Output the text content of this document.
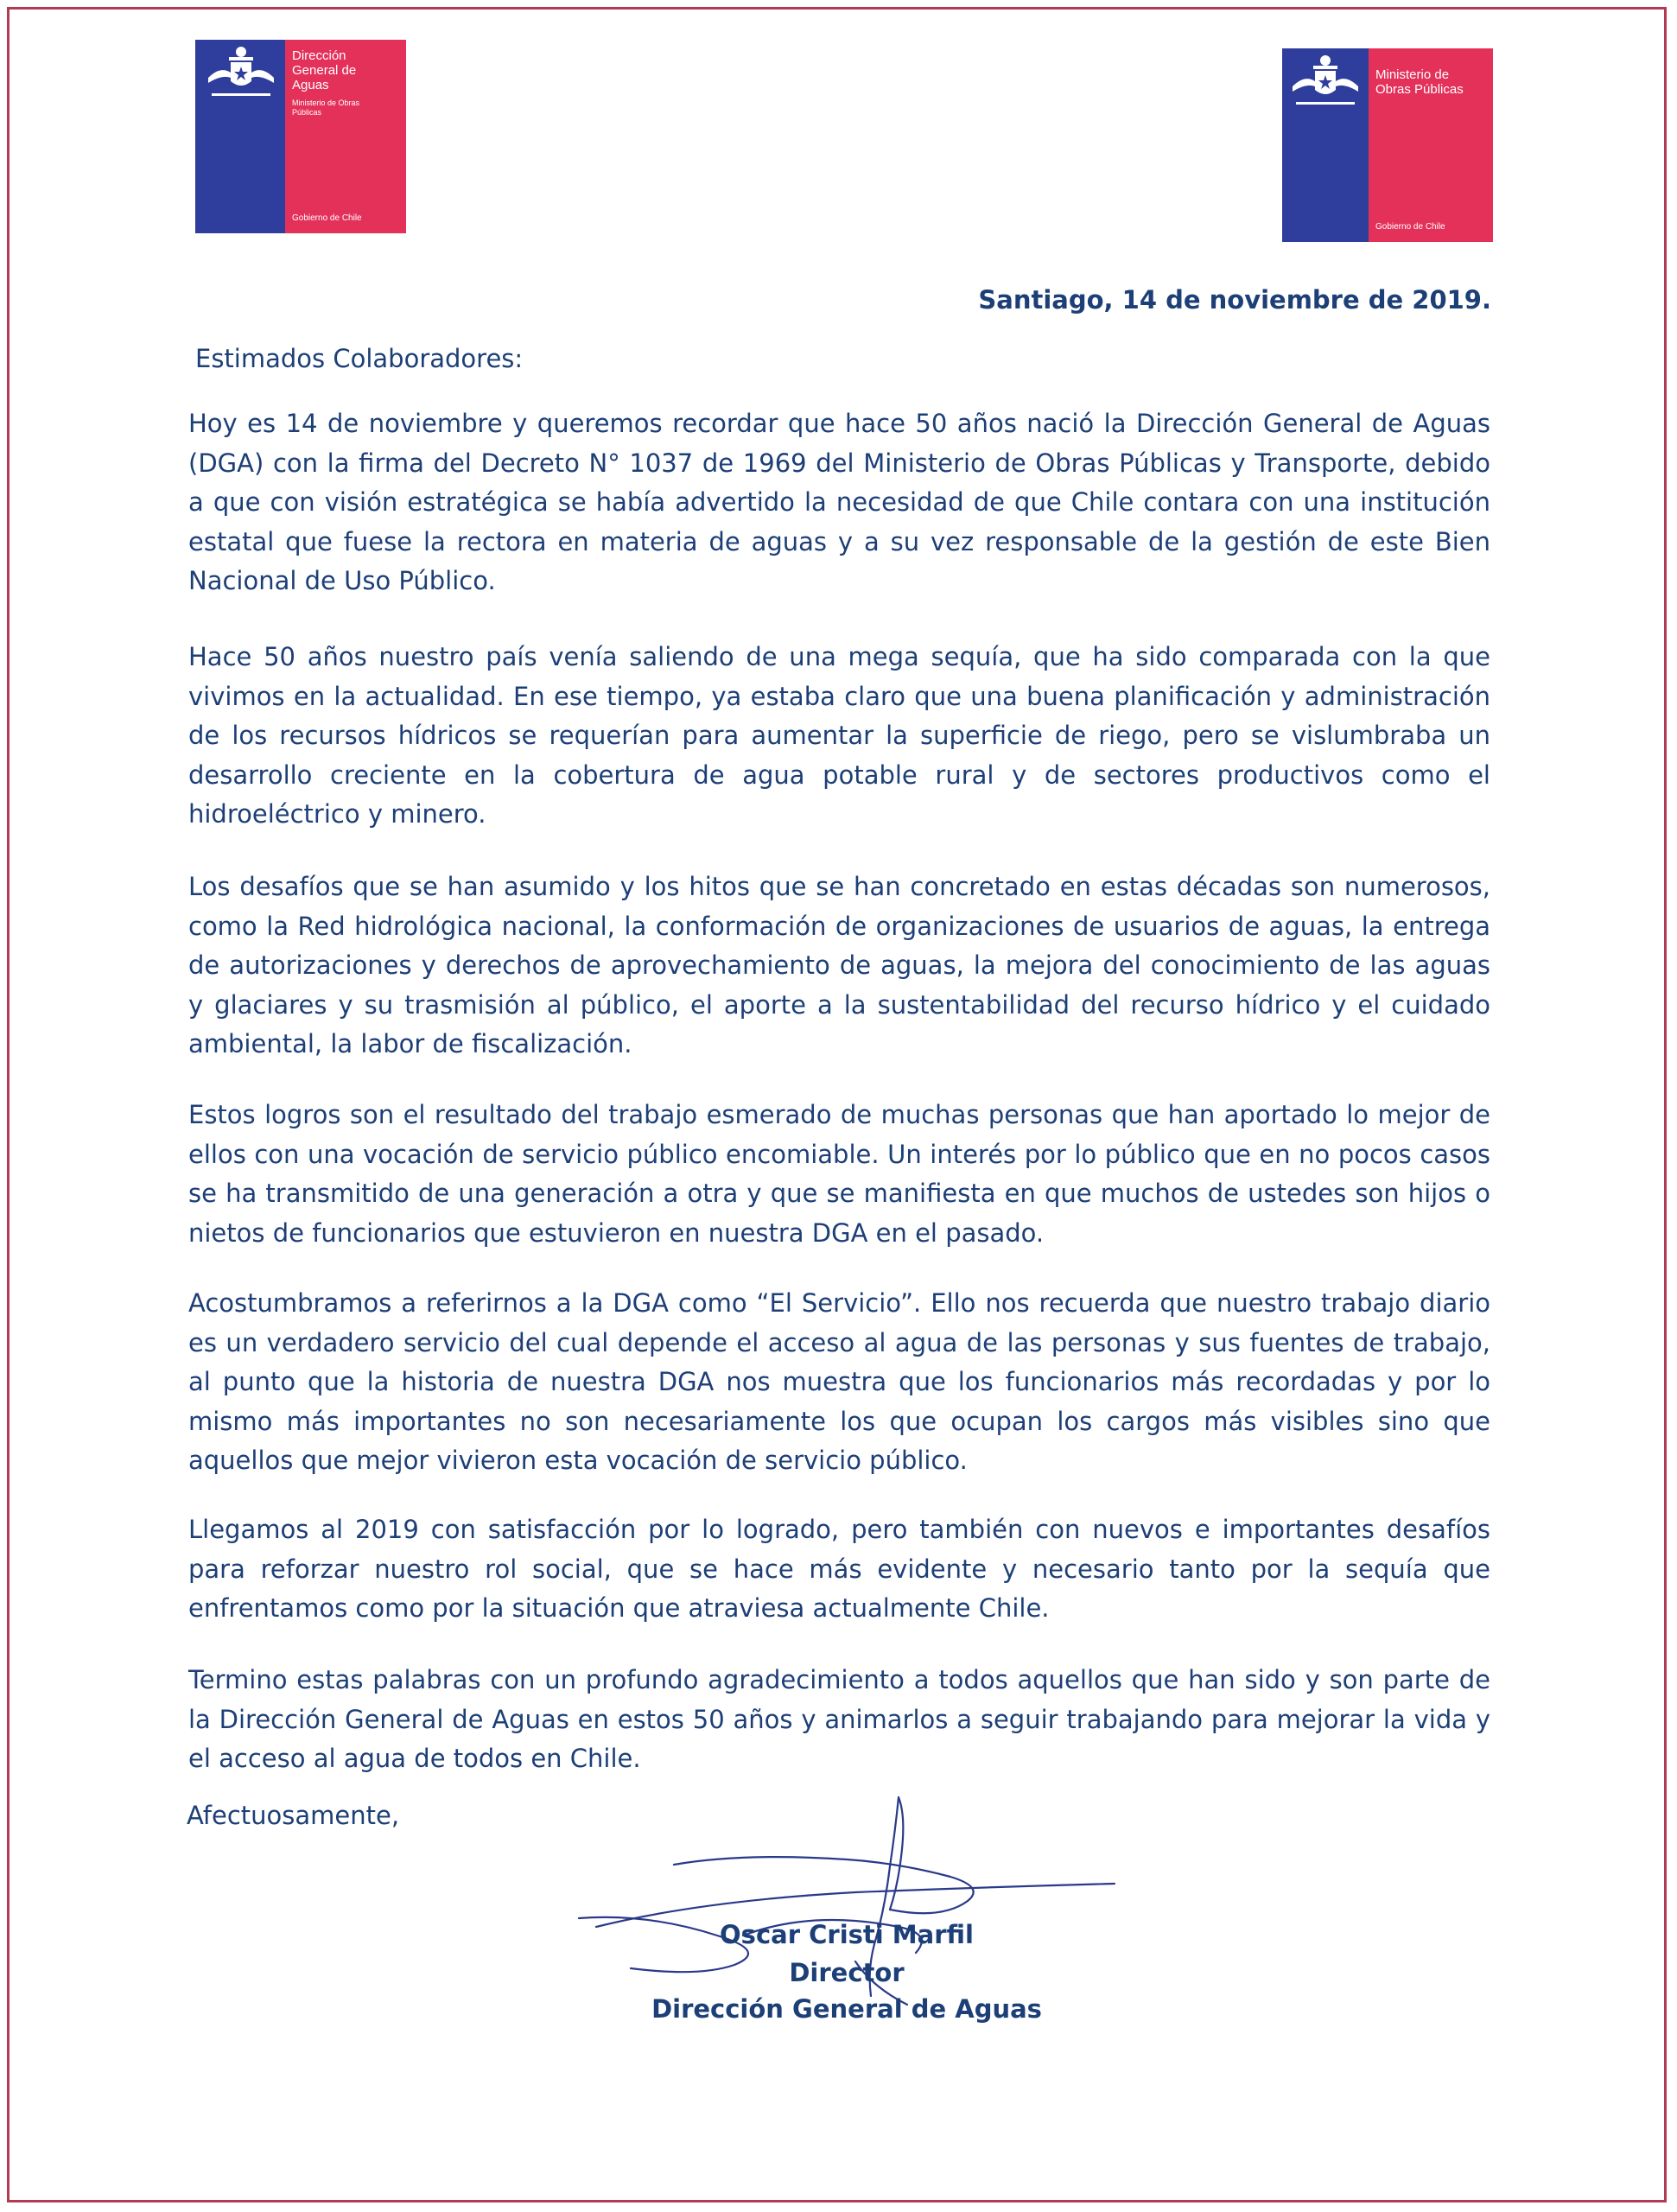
Dirección
General de
Aguas
Ministerio de Obras
Públicas
Gobierno de Chile
Ministerio de
Obras Públicas
Gobierno de Chile
Santiago, 14 de noviembre de 2019.
Estimados Colaboradores:

Hoy es 14 de noviembre y queremos recordar que hace 50 años nació la Dirección General de Aguas (DGA) con la firma del Decreto N° 1037 de 1969 del Ministerio de Obras Públicas y Transporte, debido a que con visión estratégica se había advertido la necesidad de que Chile contara con una institución estatal que fuese la rectora en materia de aguas y a su vez responsable de la gestión de este Bien Nacional de Uso Público.

Hace 50 años nuestro país venía saliendo de una mega sequía, que ha sido comparada con la que vivimos en la actualidad. En ese tiempo, ya estaba claro que una buena planificación y administración de los recursos hídricos se requerían para aumentar la superficie de riego, pero se vislumbraba un desarrollo creciente en la cobertura de agua potable rural y de sectores productivos como el hidroeléctrico y minero.

Los desafíos que se han asumido y los hitos que se han concretado en estas décadas son numerosos, como la Red hidrológica nacional, la conformación de organizaciones de usuarios de aguas, la entrega de autorizaciones y derechos de aprovechamiento de aguas, la mejora del conocimiento de las aguas y glaciares y su trasmisión al público, el aporte a la sustentabilidad del recurso hídrico y el cuidado ambiental, la labor de fiscalización.

Estos logros son el resultado del trabajo esmerado de muchas personas que han aportado lo mejor de ellos con una vocación de servicio público encomiable. Un interés por lo público que en no pocos casos se ha transmitido de una generación a otra y que se manifiesta en que muchos de ustedes son hijos o nietos de funcionarios que estuvieron en nuestra DGA en el pasado.

Acostumbramos a referirnos a la DGA como “El Servicio”. Ello nos recuerda que nuestro trabajo diario es un verdadero servicio del cual depende el acceso al agua de las personas y sus fuentes de trabajo, al punto que la historia de nuestra DGA nos muestra que los funcionarios más recordadas y por lo mismo más importantes no son necesariamente los que ocupan los cargos más visibles sino que aquellos que mejor vivieron esta vocación de servicio público.

Llegamos al 2019 con satisfacción por lo logrado, pero también con nuevos e importantes desafíos para reforzar nuestro rol social, que se hace más evidente y necesario tanto por la sequía que enfrentamos como por la situación que atraviesa actualmente Chile.

Termino estas palabras con un profundo agradecimiento a todos aquellos que han sido y son parte de la Dirección General de Aguas en estos 50 años y animarlos a seguir trabajando para mejorar la vida y el acceso al agua de todos en Chile.

Afectuosamente,
Oscar Cristi Marfil
Director
Dirección General de Aguas
